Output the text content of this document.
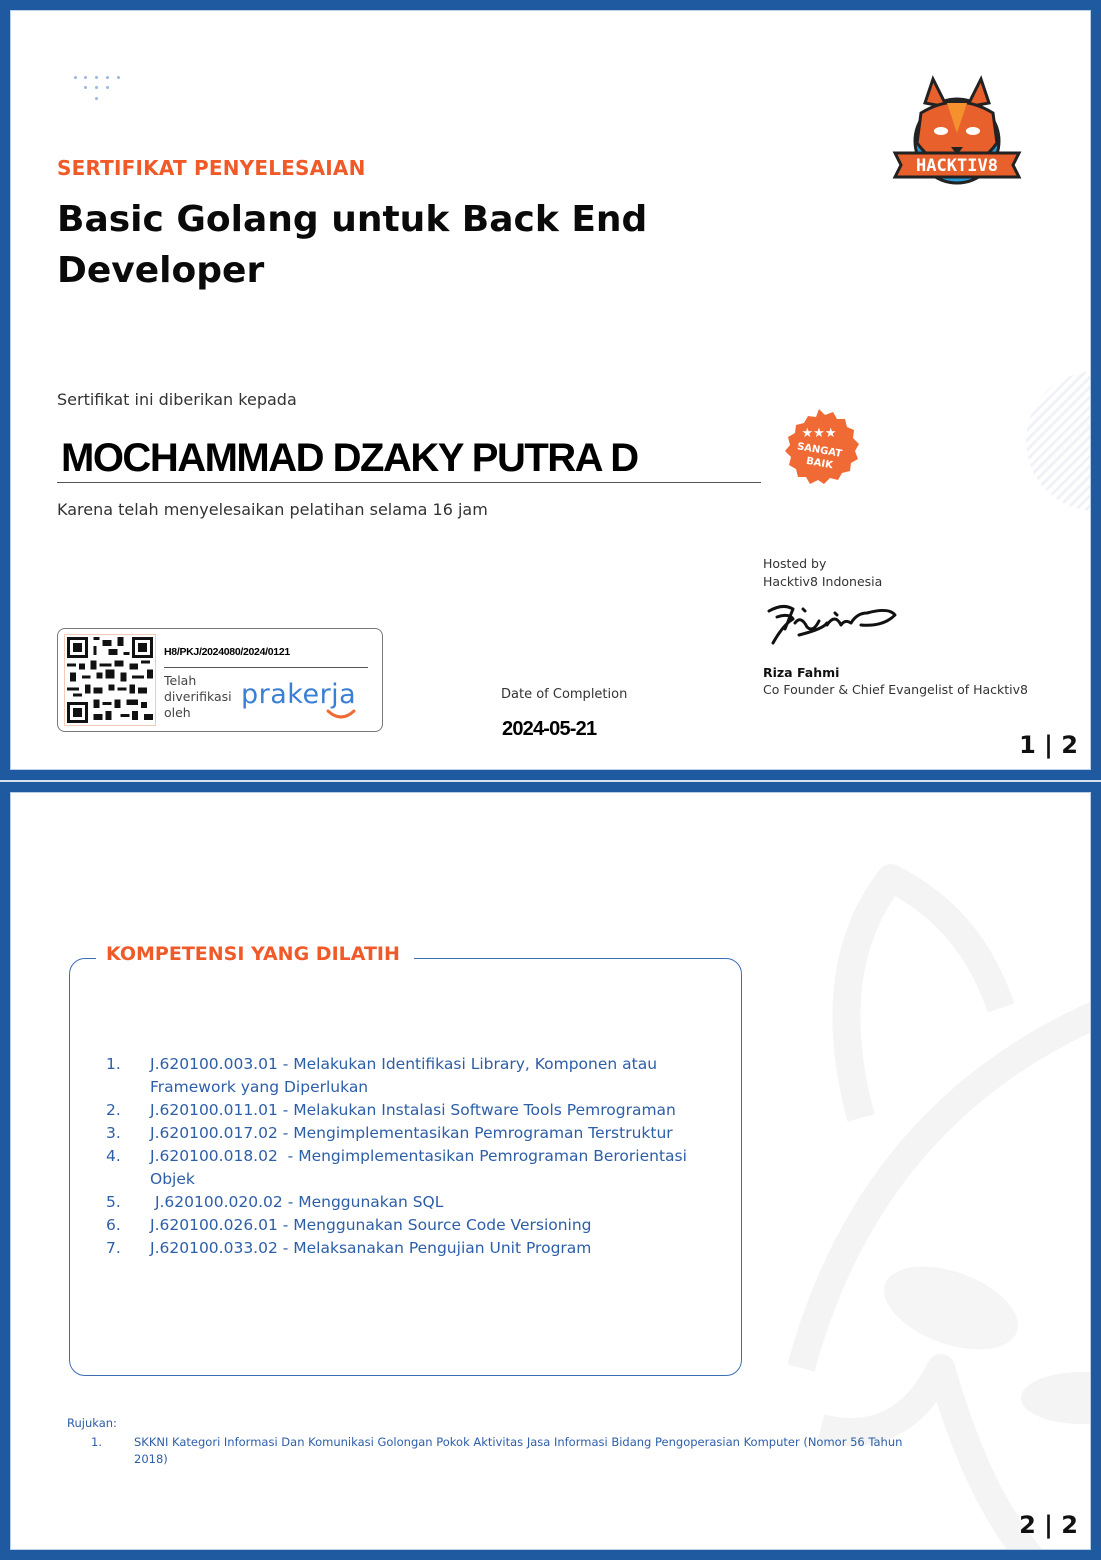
SERTIFIKAT PENYELESAIAN
Basic Golang untuk Back End Developer
HACKTIV8
Sertifikat ini diberikan kepada
MOCHAMMAD DZAKY PUTRA D
Karena telah menyelesaikan pelatihan selama 16 jam
★★★
SANGAT
BAIK
H8/PKJ/2024080/2024/0121
Telah diverifikasi oleh
prakerja	Date of Completion
2024-05-21
Hosted by
Hacktiv8 Indonesia
Riza Fahmi
Co Founder & Chief Evangelist of Hacktiv8
1 | 2
KOMPETENSI YANG DILATIH
1.	J.620100.003.01 - Melakukan Identifikasi Library, Komponen atau Framework yang Diperlukan
2.	J.620100.011.01 - Melakukan Instalasi Software Tools Pemrograman
3.	J.620100.017.02 - Mengimplementasikan Pemrograman Terstruktur
4.	J.620100.018.02  - Mengimplementasikan Pemrograman Berorientasi Objek
5.	J.620100.020.02 - Menggunakan SQL
6.	J.620100.026.01 - Menggunakan Source Code Versioning
7.	J.620100.033.02 - Melaksanakan Pengujian Unit Program
Rujukan:
1.	SKKNI Kategori Informasi Dan Komunikasi Golongan Pokok Aktivitas Jasa Informasi Bidang Pengoperasian Komputer (Nomor 56 Tahun 2018)
2 | 2
